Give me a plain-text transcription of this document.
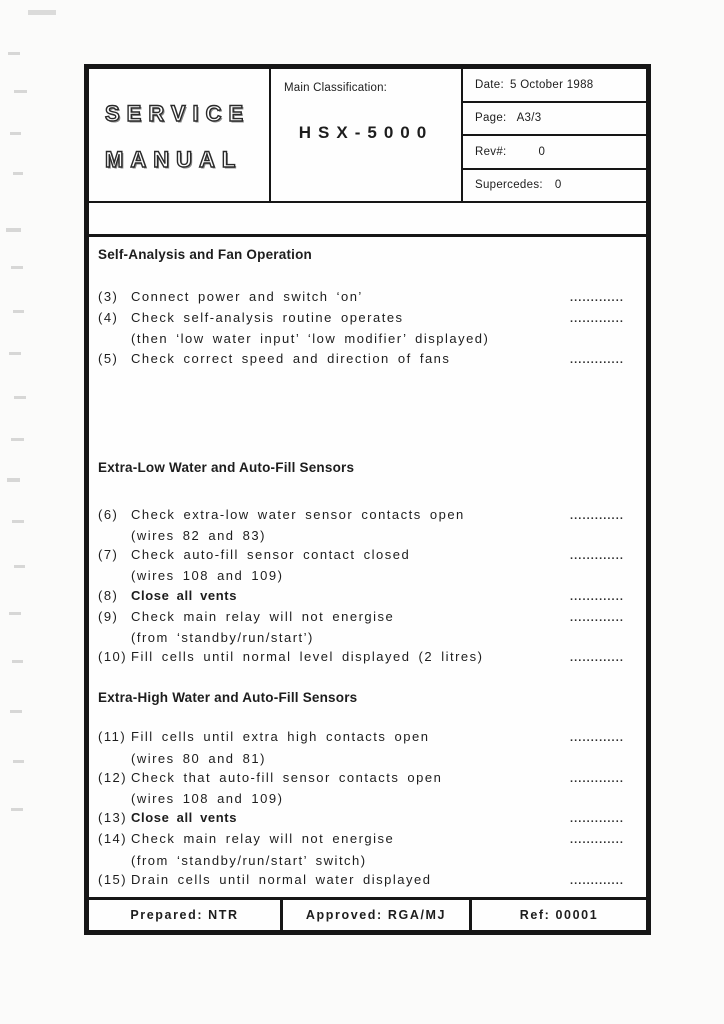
SERVICE
MANUAL
Main Classification:
HSX-5000
Date: 5 October 1988
Page: A3/3
Rev#:	0
Supercedes: 0
Self-Analysis and Fan Operation
(3) Connect power and switch ‘on’	.............
(4) Check self-analysis routine operates	.............
(then ‘low water input’ ‘low modifier’ displayed)
(5) Check correct speed and direction of fans	.............
Extra-Low Water and Auto-Fill Sensors
(6) Check extra-low water sensor contacts open	.............
(wires 82 and 83)
(7) Check auto-fill sensor contact closed	.............
(wires 108 and 109)
(8) Close all vents	.............
(9) Check main relay will not energise	.............
(from ‘standby/run/start’)
(10) Fill cells until normal level displayed (2 litres)	.............
Extra-High Water and Auto-Fill Sensors
(11) Fill cells until extra high contacts open	.............
(wires 80 and 81)
(12) Check that auto-fill sensor contacts open	.............
(wires 108 and 109)
(13) Close all vents	.............
(14) Check main relay will not energise	.............
(from ‘standby/run/start’ switch)
(15) Drain cells until normal water displayed	.............
Prepared: NTR	Approved: RGA/MJ	Ref: 00001
